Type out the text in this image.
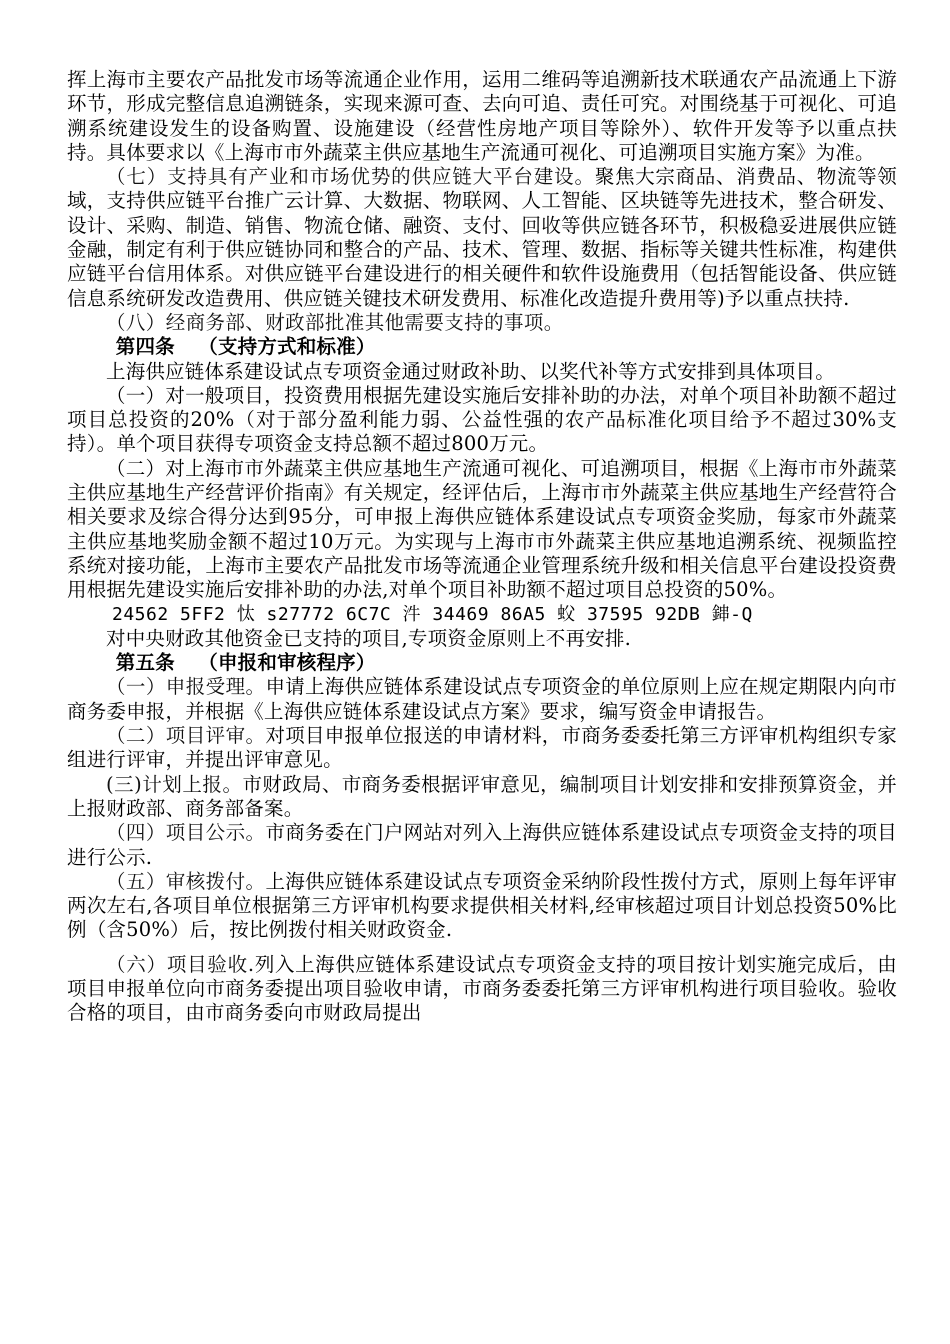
挥上海市主要农产品批发市场等流通企业作用，运用二维码等追溯新技术联通农产品流通上下游环节，形成完整信息追溯链条，实现来源可查、去向可追、责任可究。对围绕基于可视化、可追溯系统建设发生的设备购置、设施建设（经营性房地产项目等除外）、软件开发等予以重点扶持。具体要求以《上海市市外蔬菜主供应基地生产流通可视化、可追溯项目实施方案》为准。

（七）支持具有产业和市场优势的供应链大平台建设。聚焦大宗商品、消费品、物流等领域，支持供应链平台推广云计算、大数据、物联网、人工智能、区块链等先进技术，整合研发、设计、采购、制造、销售、物流仓储、融资、支付、回收等供应链各环节，积极稳妥进展供应链金融，制定有利于供应链协同和整合的产品、技术、管理、数据、指标等关键共性标准，构建供应链平台信用体系。对供应链平台建设进行的相关硬件和软件设施费用（包括智能设备、供应链信息系统研发改造费用、供应链关键技术研发费用、标准化改造提升费用等)予以重点扶持.

（八）经商务部、财政部批准其他需要支持的事项。

第四条 （支持方式和标准）

上海供应链体系建设试点专项资金通过财政补助、以奖代补等方式安排到具体项目。

（一）对一般项目，投资费用根据先建设实施后安排补助的办法，对单个项目补助额不超过项目总投资的20%（对于部分盈利能力弱、公益性强的农产品标准化项目给予不超过30%支持）。单个项目获得专项资金支持总额不超过800万元。

（二）对上海市市外蔬菜主供应基地生产流通可视化、可追溯项目，根据《上海市市外蔬菜主供应基地生产经营评价指南》有关规定，经评估后，上海市市外蔬菜主供应基地生产经营符合相关要求及综合得分达到95分，可申报上海供应链体系建设试点专项资金奖励，每家市外蔬菜主供应基地奖励金额不超过10万元。为实现与上海市市外蔬菜主供应基地追溯系统、视频监控系统对接功能，上海市主要农产品批发市场等流通企业管理系统升级和相关信息平台建设投资费用根据先建设实施后安排补助的办法,对单个项目补助额不超过项目总投资的50%。

24562 5FF2 忲 s27772 6C7C 汼 34469 86A5 蚥 37595 92DB 鋛-Q

对中央财政其他资金已支持的项目,专项资金原则上不再安排.

第五条 （申报和审核程序）

（一）申报受理。申请上海供应链体系建设试点专项资金的单位原则上应在规定期限内向市商务委申报，并根据《上海供应链体系建设试点方案》要求，编写资金申请报告。

（二）项目评审。对项目申报单位报送的申请材料，市商务委委托第三方评审机构组织专家组进行评审，并提出评审意见。

(三)计划上报。市财政局、市商务委根据评审意见，编制项目计划安排和安排预算资金，并上报财政部、商务部备案。

（四）项目公示。市商务委在门户网站对列入上海供应链体系建设试点专项资金支持的项目进行公示.

（五）审核拨付。上海供应链体系建设试点专项资金采纳阶段性拨付方式，原则上每年评审两次左右,各项目单位根据第三方评审机构要求提供相关材料,经审核超过项目计划总投资50%比例（含50%）后，按比例拨付相关财政资金.

（六）项目验收.列入上海供应链体系建设试点专项资金支持的项目按计划实施完成后，由项目申报单位向市商务委提出项目验收申请，市商务委委托第三方评审机构进行项目验收。验收合格的项目，由市商务委向市财政局提出
